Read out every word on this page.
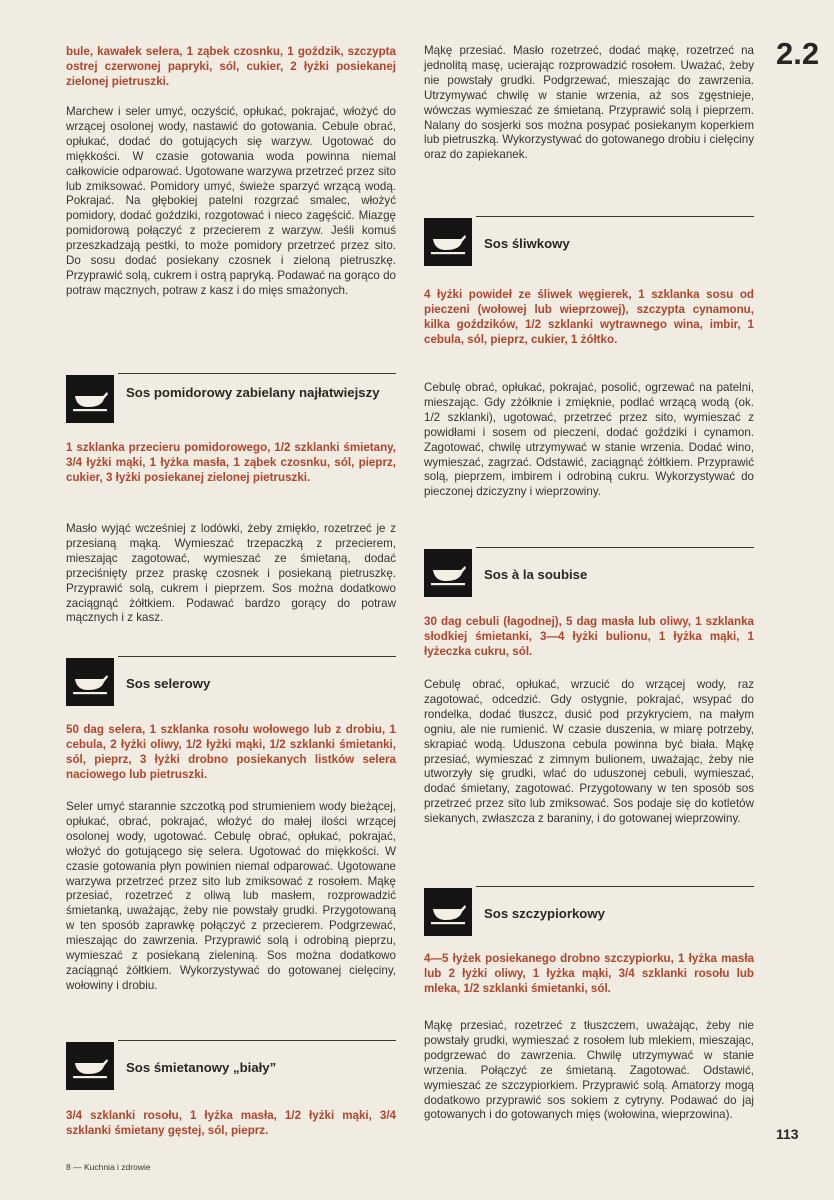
2.2

bule, kawałek selera, 1 ząbek czosnku, 1 goździk, szczypta ostrej czerwonej papryki, sól, cukier, 2 łyżki posiekanej zielonej pietruszki.

Marchew i seler umyć, oczyścić, opłukać, pokrajać, włożyć do wrzącej osolonej wody, nastawić do gotowania. Cebule obrać, opłukać, dodać do gotujących się warzyw. Ugotować do miękkości. W czasie gotowania woda powinna niemal całkowicie odparować. Ugotowane warzywa przetrzeć przez sito lub zmiksować. Pomidory umyć, świeże sparzyć wrzącą wodą. Pokrajać. Na głębokiej patelni rozgrzać smalec, włożyć pomidory, dodać goździki, rozgotować i nieco zagęścić. Miazgę pomidorową połączyć z przecierem z warzyw. Jeśli komuś przeszkadzają pestki, to może pomidory przetrzeć przez sito. Do sosu dodać posiekany czosnek i zieloną pietruszkę. Przyprawić solą, cukrem i ostrą papryką. Podawać na gorąco do potraw mącznych, potraw z kasz i do mięs smażonych.

Sos pomidorowy zabielany najłatwiejszy

1 szklanka przecieru pomidorowego, 1/2 szklanki śmietany, 3/4 łyżki mąki, 1 łyżka masła, 1 ząbek czosnku, sól, pieprz, cukier, 3 łyżki posiekanej zielonej pietruszki.

Masło wyjąć wcześniej z lodówki, żeby zmiękło, rozetrzeć je z przesianą mąką. Wymieszać trzepaczką z przecierem, mieszając zagotować, wymieszać ze śmietaną, dodać przeciśnięty przez praskę czosnek i posiekaną pietruszkę. Przyprawić solą, cukrem i pieprzem. Sos można dodatkowo zaciągnąć żółtkiem. Podawać bardzo gorący do potraw mącznych i z kasz.

Sos selerowy

50 dag selera, 1 szklanka rosołu wołowego lub z drobiu, 1 cebula, 2 łyżki oliwy, 1/2 łyżki mąki, 1/2 szklanki śmietanki, sól, pieprz, 3 łyżki drobno posiekanych listków selera naciowego lub pietruszki.

Seler umyć starannie szczotką pod strumieniem wody bieżącej, opłukać, obrać, pokrajać, włożyć do małej ilości wrzącej osolonej wody, ugotować. Cebulę obrać, opłukać, pokrajać, włożyć do gotującego się selera. Ugotować do miękkości. W czasie gotowania płyn powinien niemal odparować. Ugotowane warzywa przetrzeć przez sito lub zmiksować z rosołem. Mąkę przesiać, rozetrzeć z oliwą lub masłem, rozprowadzić śmietanką, uważając, żeby nie powstały grudki. Przygotowaną w ten sposób zaprawkę połączyć z przecierem. Podgrzewać, mieszając do zawrzenia. Przyprawić solą i odrobiną pieprzu, wymieszać z posiekaną zieleniną. Sos można dodatkowo zaciągnąć żółtkiem. Wykorzystywać do gotowanej cielęciny, wołowiny i drobiu.

Sos śmietanowy „biały”

3/4 szklanki rosołu, 1 łyżka masła, 1/2 łyżki mąki, 3/4 szklanki śmietany gęstej, sól, pieprz.

Mąkę przesiać. Masło rozetrzeć, dodać mąkę, rozetrzeć na jednolitą masę, ucierając rozprowadzić rosołem. Uważać, żeby nie powstały grudki. Podgrzewać, mieszając do zawrzenia. Utrzymywać chwilę w stanie wrzenia, aż sos zgęstnieje, wówczas wymieszać ze śmietaną. Przyprawić solą i pieprzem. Nalany do sosjerki sos można posypać posiekanym koperkiem lub pietruszką. Wykorzystywać do gotowanego drobiu i cielęciny oraz do zapiekanek.

Sos śliwkowy

4 łyżki powideł ze śliwek węgierek, 1 szklanka sosu od pieczeni (wołowej lub wieprzowej), szczypta cynamonu, kilka goździków, 1/2 szklanki wytrawnego wina, imbir, 1 cebula, sól, pieprz, cukier, 1 żółtko.

Cebulę obrać, opłukać, pokrajać, posolić, ogrzewać na patelni, mieszając. Gdy zżółknie i zmięknie, podlać wrzącą wodą (ok. 1/2 szklanki), ugotować, przetrzeć przez sito, wymieszać z powidłami i sosem od pieczeni, dodać goździki i cynamon. Zagotować, chwilę utrzymywać w stanie wrzenia. Dodać wino, wymieszać, zagrzać. Odstawić, zaciągnąć żółtkiem. Przyprawić solą, pieprzem, imbirem i odrobiną cukru. Wykorzystywać do pieczonej dziczyzny i wieprzowiny.

Sos à la soubise

30 dag cebuli (łagodnej), 5 dag masła lub oliwy, 1 szklanka słodkiej śmietanki, 3—4 łyżki bulionu, 1 łyżka mąki, 1 łyżeczka cukru, sól.

Cebulę obrać, opłukać, wrzucić do wrzącej wody, raz zagotować, odcedzić. Gdy ostygnie, pokrajać, wsypać do rondelka, dodać tłuszcz, dusić pod przykryciem, na małym ogniu, ale nie rumienić. W czasie duszenia, w miarę potrzeby, skrapiać wodą. Uduszona cebula powinna być biała. Mąkę przesiać, wymieszać z zimnym bulionem, uważając, żeby nie utworzyły się grudki, wlać do uduszonej cebuli, wymieszać, dodać śmietany, zagotować. Przygotowany w ten sposób sos przetrzeć przez sito lub zmiksować. Sos podaje się do kotletów siekanych, zwłaszcza z baraniny, i do gotowanej wieprzowiny.

Sos szczypiorkowy

4—5 łyżek posiekanego drobno szczypiorku, 1 łyżka masła lub 2 łyżki oliwy, 1 łyżka mąki, 3/4 szklanki rosołu lub mleka, 1/2 szklanki śmietanki, sól.

Mąkę przesiać, rozetrzeć z tłuszczem, uważając, żeby nie powstały grudki, wymieszać z rosołem lub mlekiem, mieszając, podgrzewać do zawrzenia. Chwilę utrzymywać w stanie wrzenia. Połączyć ze śmietaną. Zagotować. Odstawić, wymieszać ze szczypiorkiem. Przyprawić solą. Amatorzy mogą dodatkowo przyprawić sos sokiem z cytryny. Podawać do jaj gotowanych i do gotowanych mięs (wołowina, wieprzowina).

113
8 — Kuchnia i zdrowie
